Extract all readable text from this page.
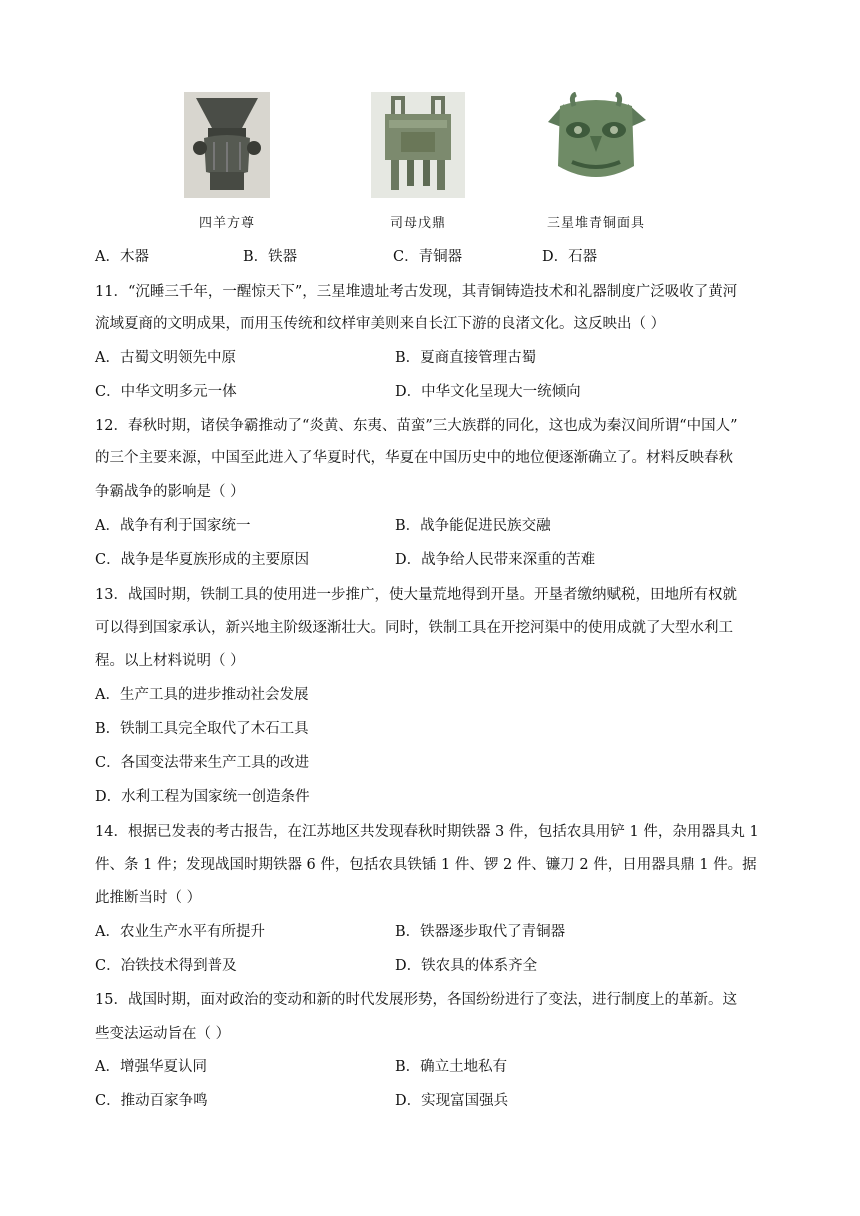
四羊方尊	司母戊鼎	三星堆青铜面具
A．木器	B．铁器	C．青铜器	D．石器
11．“沉睡三千年，一醒惊天下”，三星堆遗址考古发现，其青铜铸造技术和礼器制度广泛吸收了黄河
流域夏商的文明成果，而用玉传统和纹样审美则来自长江下游的良渚文化。这反映出（ ）
A．古蜀文明领先中原	B．夏商直接管理古蜀
C．中华文明多元一体	D．中华文化呈现大一统倾向
12．春秋时期，诸侯争霸推动了“炎黄、东夷、苗蛮”三大族群的同化，这也成为秦汉间所谓“中国人”
的三个主要来源，中国至此进入了华夏时代，华夏在中国历史中的地位便逐渐确立了。材料反映春秋
争霸战争的影响是（ ）
A．战争有利于国家统一	B．战争能促进民族交融
C．战争是华夏族形成的主要原因	D．战争给人民带来深重的苦难
13．战国时期，铁制工具的使用进一步推广，使大量荒地得到开垦。开垦者缴纳赋税，田地所有权就
可以得到国家承认，新兴地主阶级逐渐壮大。同时，铁制工具在开挖河渠中的使用成就了大型水利工
程。以上材料说明（ ）
A．生产工具的进步推动社会发展
B．铁制工具完全取代了木石工具
C．各国变法带来生产工具的改进
D．水利工程为国家统一创造条件
14．根据已发表的考古报告，在江苏地区共发现春秋时期铁器 3 件，包括农具用铲 1 件，杂用器具丸 1
件、条 1 件；发现战国时期铁器 6 件，包括农具铁锸 1 件、锣 2 件、镰刀 2 件，日用器具鼎 1 件。据
此推断当时（ ）
A．农业生产水平有所提升	B．铁器逐步取代了青铜器
C．冶铁技术得到普及	D．铁农具的体系齐全
15．战国时期，面对政治的变动和新的时代发展形势，各国纷纷进行了变法，进行制度上的革新。这
些变法运动旨在（ ）
A．增强华夏认同	B．确立土地私有
C．推动百家争鸣	D．实现富国强兵
